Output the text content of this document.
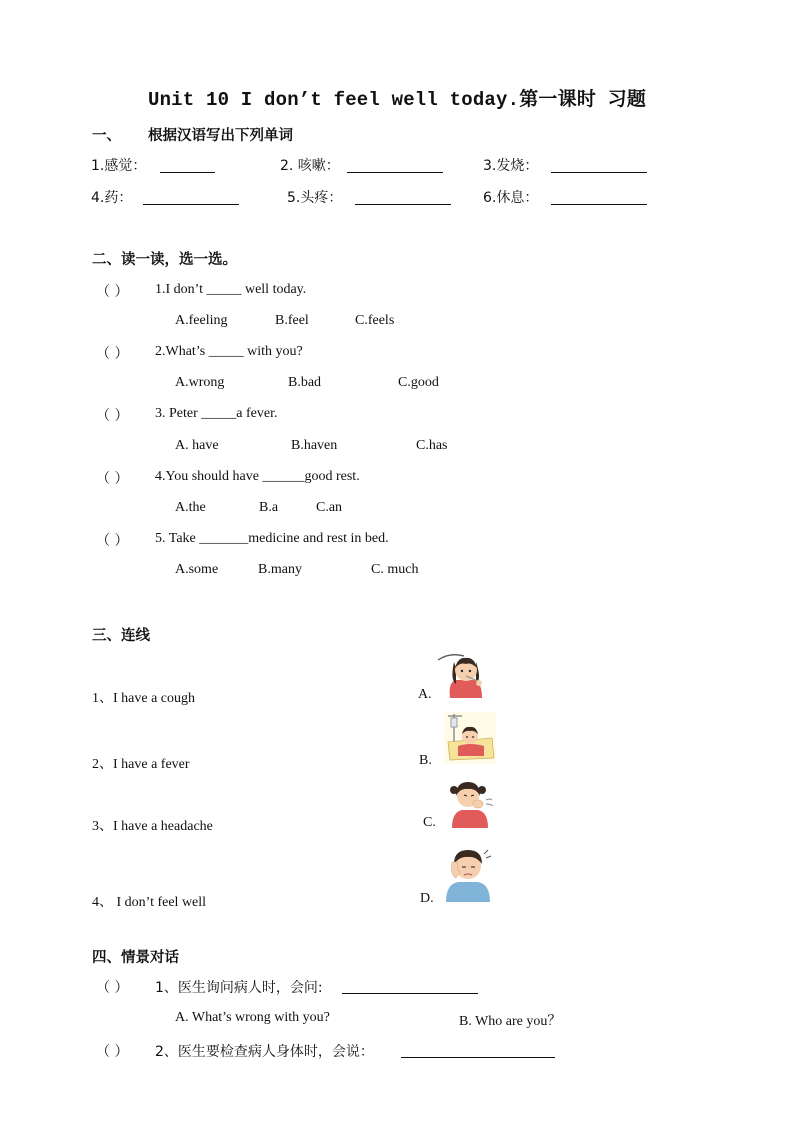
Unit 10 I don’t feel well today.第一课时 习题
一、 根据汉语写出下列单词
1.感觉：	2. 咳嗽：	3.发烧：
4.药：	5.头疼：	6.休息：
二、读一读，选一选。
（ ） 1.I don’t _____ well today.
A.feeling	B.feel	C.feels
（ ） 2.What’s _____ with you?
A.wrong	B.bad	C.good
（ ） 3. Peter _____a fever.
A. have	B.haven	C.has
（ ） 4.You should have ______good rest.
A.the	B.a	C.an
（ ） 5. Take _______medicine and rest in bed.
A.some	B.many	C. much
三、连线
1、I have a cough	A.
2、I have a fever	B.
3、I have a headache	C.
4、 I don’t feel well	D.
四、情景对话
（ ） 1、医生询问病人时，会问:
A. What’s wrong with you?	B. Who are you？
（ ） 2、医生要检查病人身体时，会说：
